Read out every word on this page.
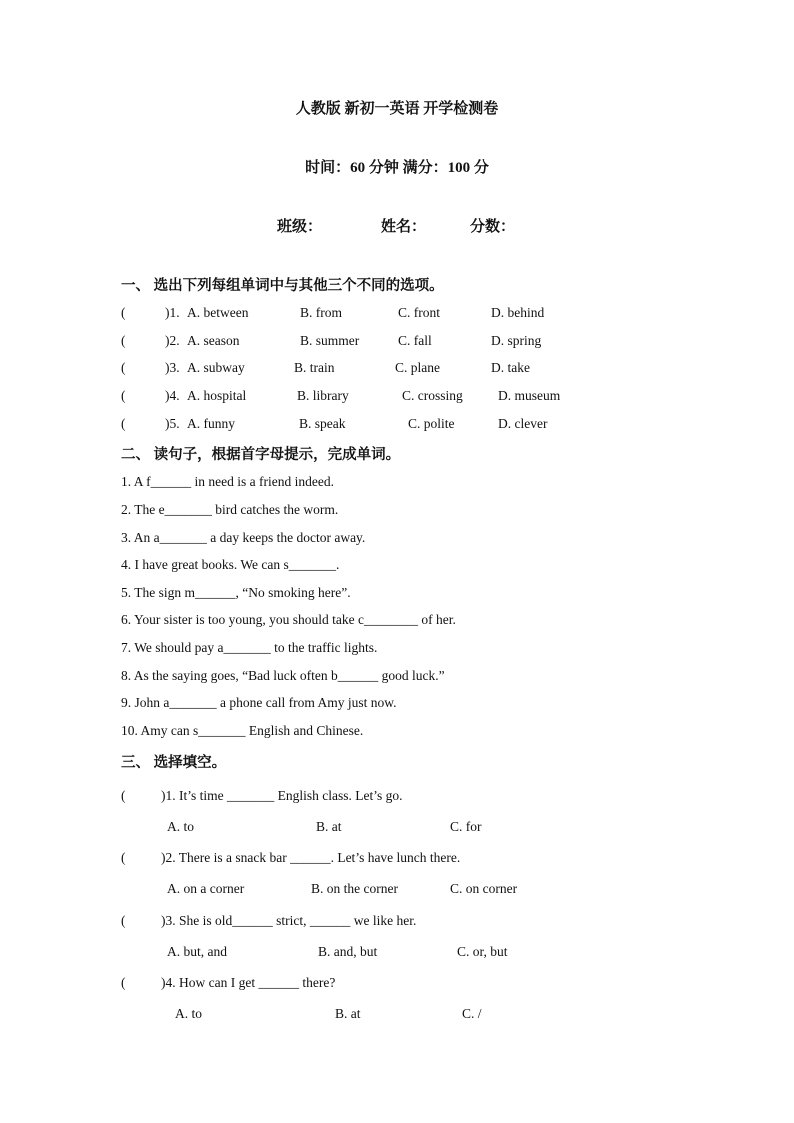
人教版 新初一英语 开学检测卷
时间：60 分钟 满分：100 分
班级：	姓名：	分数：
一、 选出下列每组单词中与其他三个不同的选项。
(	)1. A. between	B. from	C. front	D. behind
(	)2. A. season	B. summer	C. fall	D. spring
(	)3. A. subway	B. train	C. plane	D. take
(	)4. A. hospital	B. library	C. crossing	D. museum
(	)5. A. funny	B. speak	C. polite	D. clever
二、 读句子，根据首字母提示，完成单词。
1. A f______ in need is a friend indeed.
2. The e_______ bird catches the worm.
3. An a_______ a day keeps the doctor away.
4. I have great books. We can s_______.
5. The sign m______, “No smoking here”.
6. Your sister is too young, you should take c________ of her.
7. We should pay a_______ to the traffic lights.
8. As the saying goes, “Bad luck often b______ good luck.”
9. John a_______ a phone call from Amy just now.
10. Amy can s_______ English and Chinese.
三、 选择填空。
(	)1. It’s time _______ English class. Let’s go.
A. to	B. at	C. for
(	)2. There is a snack bar ______. Let’s have lunch there.
A. on a corner	B. on the corner	C. on corner
(	)3. She is old______ strict, ______ we like her.
A. but, and	B. and, but	C. or, but
(	)4. How can I get ______ there?
A. to	B. at	C. /
